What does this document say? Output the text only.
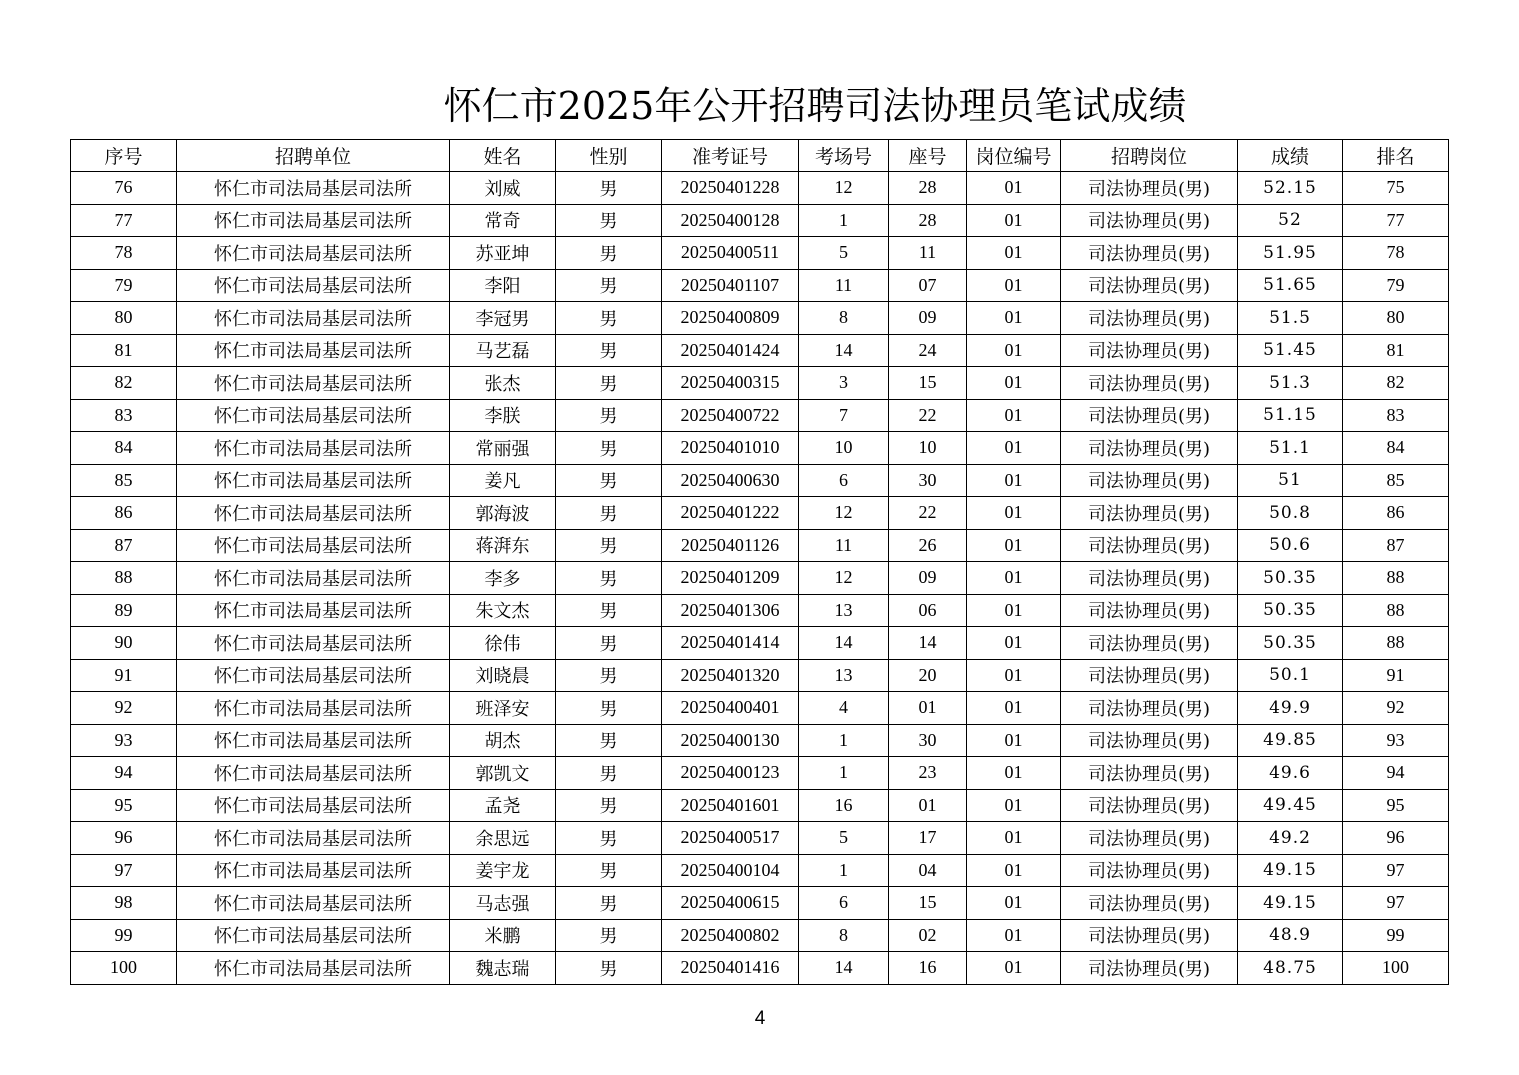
怀仁市2025年公开招聘司法协理员笔试成绩
序号	招聘单位	姓名	性别	准考证号	考场号	座号	岗位编号	招聘岗位	成绩	排名
76	怀仁市司法局基层司法所	刘威	男	20250401228	12	28	01	司法协理员(男)	52.15	75
77	怀仁市司法局基层司法所	常奇	男	20250400128	1	28	01	司法协理员(男)	52	77
78	怀仁市司法局基层司法所	苏亚坤	男	20250400511	5	11	01	司法协理员(男)	51.95	78
79	怀仁市司法局基层司法所	李阳	男	20250401107	11	07	01	司法协理员(男)	51.65	79
80	怀仁市司法局基层司法所	李冠男	男	20250400809	8	09	01	司法协理员(男)	51.5	80
81	怀仁市司法局基层司法所	马艺磊	男	20250401424	14	24	01	司法协理员(男)	51.45	81
82	怀仁市司法局基层司法所	张杰	男	20250400315	3	15	01	司法协理员(男)	51.3	82
83	怀仁市司法局基层司法所	李朕	男	20250400722	7	22	01	司法协理员(男)	51.15	83
84	怀仁市司法局基层司法所	常丽强	男	20250401010	10	10	01	司法协理员(男)	51.1	84
85	怀仁市司法局基层司法所	姜凡	男	20250400630	6	30	01	司法协理员(男)	51	85
86	怀仁市司法局基层司法所	郭海波	男	20250401222	12	22	01	司法协理员(男)	50.8	86
87	怀仁市司法局基层司法所	蒋湃东	男	20250401126	11	26	01	司法协理员(男)	50.6	87
88	怀仁市司法局基层司法所	李多	男	20250401209	12	09	01	司法协理员(男)	50.35	88
89	怀仁市司法局基层司法所	朱文杰	男	20250401306	13	06	01	司法协理员(男)	50.35	88
90	怀仁市司法局基层司法所	徐伟	男	20250401414	14	14	01	司法协理员(男)	50.35	88
91	怀仁市司法局基层司法所	刘晓晨	男	20250401320	13	20	01	司法协理员(男)	50.1	91
92	怀仁市司法局基层司法所	班泽安	男	20250400401	4	01	01	司法协理员(男)	49.9	92
93	怀仁市司法局基层司法所	胡杰	男	20250400130	1	30	01	司法协理员(男)	49.85	93
94	怀仁市司法局基层司法所	郭凯文	男	20250400123	1	23	01	司法协理员(男)	49.6	94
95	怀仁市司法局基层司法所	孟尧	男	20250401601	16	01	01	司法协理员(男)	49.45	95
96	怀仁市司法局基层司法所	余思远	男	20250400517	5	17	01	司法协理员(男)	49.2	96
97	怀仁市司法局基层司法所	姜宇龙	男	20250400104	1	04	01	司法协理员(男)	49.15	97
98	怀仁市司法局基层司法所	马志强	男	20250400615	6	15	01	司法协理员(男)	49.15	97
99	怀仁市司法局基层司法所	米鹏	男	20250400802	8	02	01	司法协理员(男)	48.9	99
100	怀仁市司法局基层司法所	魏志瑞	男	20250401416	14	16	01	司法协理员(男)	48.75	100
4
